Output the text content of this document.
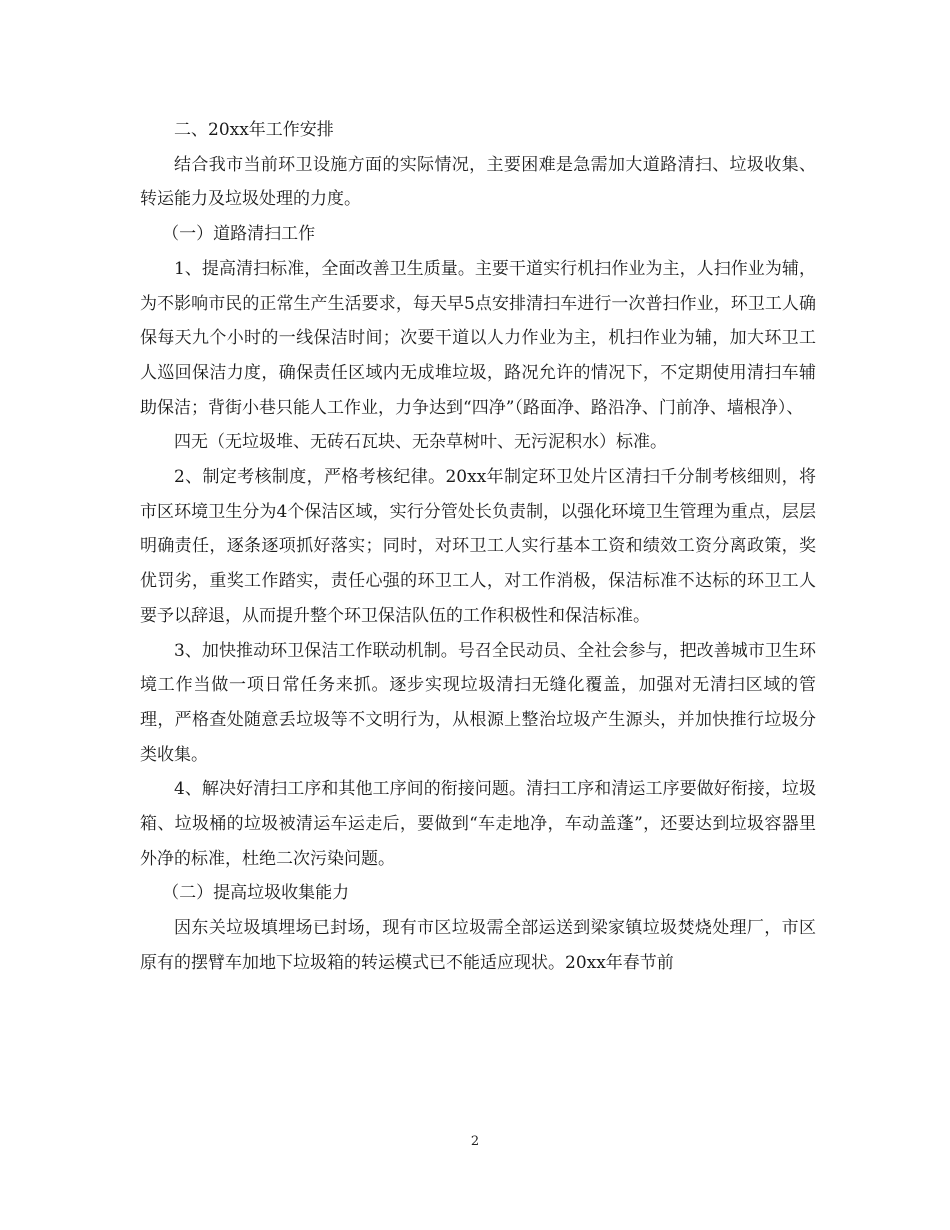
二、20xx年工作安排

结合我市当前环卫设施方面的实际情况，主要困难是急需加大道路清扫、垃圾收集、转运能力及垃圾处理的力度。

（一）道路清扫工作

1、提高清扫标准，全面改善卫生质量。主要干道实行机扫作业为主，人扫作业为辅，为不影响市民的正常生产生活要求，每天早5点安排清扫车进行一次普扫作业，环卫工人确保每天九个小时的一线保洁时间；次要干道以人力作业为主，机扫作业为辅，加大环卫工人巡回保洁力度，确保责任区域内无成堆垃圾，路况允许的情况下，不定期使用清扫车辅助保洁；背街小巷只能人工作业，力争达到“四净”（路面净、路沿净、门前净、墙根净）、

四无（无垃圾堆、无砖石瓦块、无杂草树叶、无污泥积水）标准。

2、制定考核制度，严格考核纪律。20xx年制定环卫处片区清扫千分制考核细则，将市区环境卫生分为4个保洁区域，实行分管处长负责制，以强化环境卫生管理为重点，层层明确责任，逐条逐项抓好落实；同时，对环卫工人实行基本工资和绩效工资分离政策，奖优罚劣，重奖工作踏实，责任心强的环卫工人，对工作消极，保洁标准不达标的环卫工人要予以辞退，从而提升整个环卫保洁队伍的工作积极性和保洁标准。

3、加快推动环卫保洁工作联动机制。号召全民动员、全社会参与，把改善城市卫生环境工作当做一项日常任务来抓。逐步实现垃圾清扫无缝化覆盖，加强对无清扫区域的管理，严格查处随意丢垃圾等不文明行为，从根源上整治垃圾产生源头，并加快推行垃圾分类收集。

4、解决好清扫工序和其他工序间的衔接问题。清扫工序和清运工序要做好衔接，垃圾箱、垃圾桶的垃圾被清运车运走后，要做到“车走地净，车动盖蓬”，还要达到垃圾容器里外净的标准，杜绝二次污染问题。

（二）提高垃圾收集能力

因东关垃圾填埋场已封场，现有市区垃圾需全部运送到梁家镇垃圾焚烧处理厂，市区原有的摆臂车加地下垃圾箱的转运模式已不能适应现状。20xx年春节前

2
